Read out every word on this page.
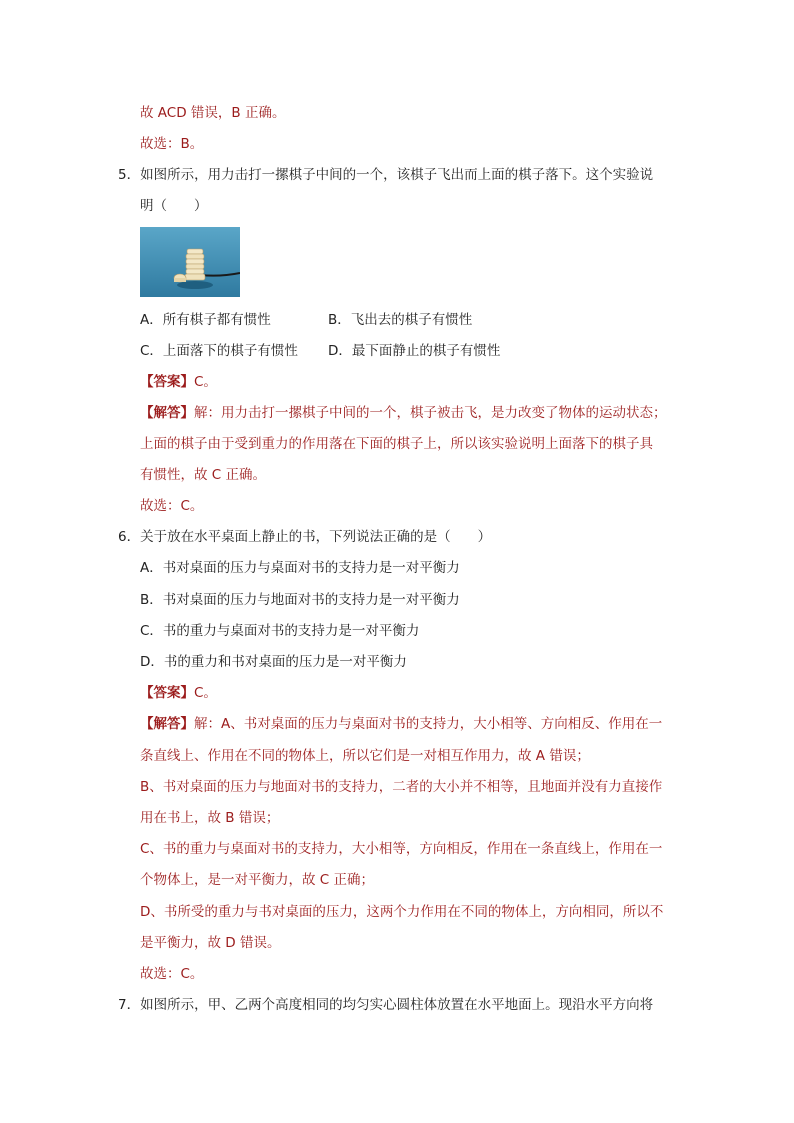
故 ACD 错误，B 正确。
故选：B。
5．如图所示，用力击打一摞棋子中间的一个，该棋子飞出而上面的棋子落下。这个实验说
明（　　）
A．所有棋子都有惯性	B．飞出去的棋子有惯性
C．上面落下的棋子有惯性 D．最下面静止的棋子有惯性
【答案】C。
【解答】解：用力击打一摞棋子中间的一个，棋子被击飞，是力改变了物体的运动状态；
上面的棋子由于受到重力的作用落在下面的棋子上，所以该实验说明上面落下的棋子具
有惯性，故 C 正确。
故选：C。
6．关于放在水平桌面上静止的书，下列说法正确的是（　　）
A．书对桌面的压力与桌面对书的支持力是一对平衡力
B．书对桌面的压力与地面对书的支持力是一对平衡力
C．书的重力与桌面对书的支持力是一对平衡力
D．书的重力和书对桌面的压力是一对平衡力
【答案】C。
【解答】解：A、书对桌面的压力与桌面对书的支持力，大小相等、方向相反、作用在一
条直线上、作用在不同的物体上，所以它们是一对相互作用力，故 A 错误；
B、书对桌面的压力与地面对书的支持力，二者的大小并不相等，且地面并没有力直接作
用在书上，故 B 错误；
C、书的重力与桌面对书的支持力，大小相等，方向相反，作用在一条直线上，作用在一
个物体上，是一对平衡力，故 C 正确；
D、书所受的重力与书对桌面的压力，这两个力作用在不同的物体上，方向相同，所以不
是平衡力，故 D 错误。
故选：C。
7．如图所示，甲、乙两个高度相同的均匀实心圆柱体放置在水平地面上。现沿水平方向将
